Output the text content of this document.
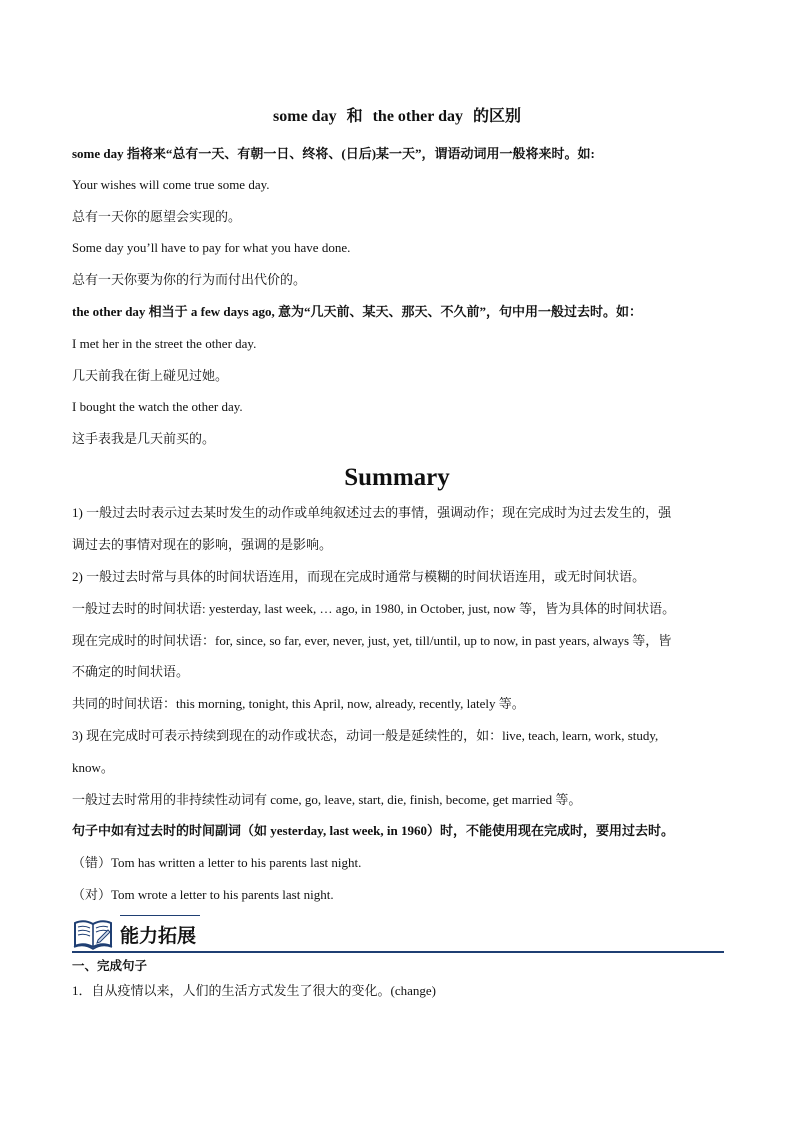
some day 和 the other day 的区别
some day 指将来“总有一天、有朝一日、终将、(日后)某一天”，谓语动词用一般将来时。如:
Your wishes will come true some day.
总有一天你的愿望会实现的。
Some day you’ll have to pay for what you have done.
总有一天你要为你的行为而付出代价的。
the other day 相当于 a few days ago, 意为“几天前、某天、那天、不久前”，句中用一般过去时。如：
I met her in the street the other day.
几天前我在街上碰见过她。
I bought the watch the other day.
这手表我是几天前买的。
Summary
1) 一般过去时表示过去某时发生的动作或单纯叙述过去的事情，强调动作；现在完成时为过去发生的，强
调过去的事情对现在的影响，强调的是影响。
2) 一般过去时常与具体的时间状语连用，而现在完成时通常与模糊的时间状语连用，或无时间状语。
一般过去时的时间状语: yesterday, last week, … ago, in 1980, in October, just, now 等，皆为具体的时间状语。
现在完成时的时间状语：for, since, so far, ever, never, just, yet, till/until, up to now, in past years, always 等，皆
不确定的时间状语。
共同的时间状语：this morning, tonight, this April, now, already, recently, lately 等。
3) 现在完成时可表示持续到现在的动作或状态，动词一般是延续性的，如：live, teach, learn, work, study,
know。
一般过去时常用的非持续性动词有 come, go, leave, start, die, finish, become, get married 等。
句子中如有过去时的时间副词（如 yesterday, last week, in 1960）时，不能使用现在完成时，要用过去时。
（错）Tom has written a letter to his parents last night.
（对）Tom wrote a letter to his parents last night.
能力拓展
一、完成句子
1．自从疫情以来，人们的生活方式发生了很大的变化。(change)
